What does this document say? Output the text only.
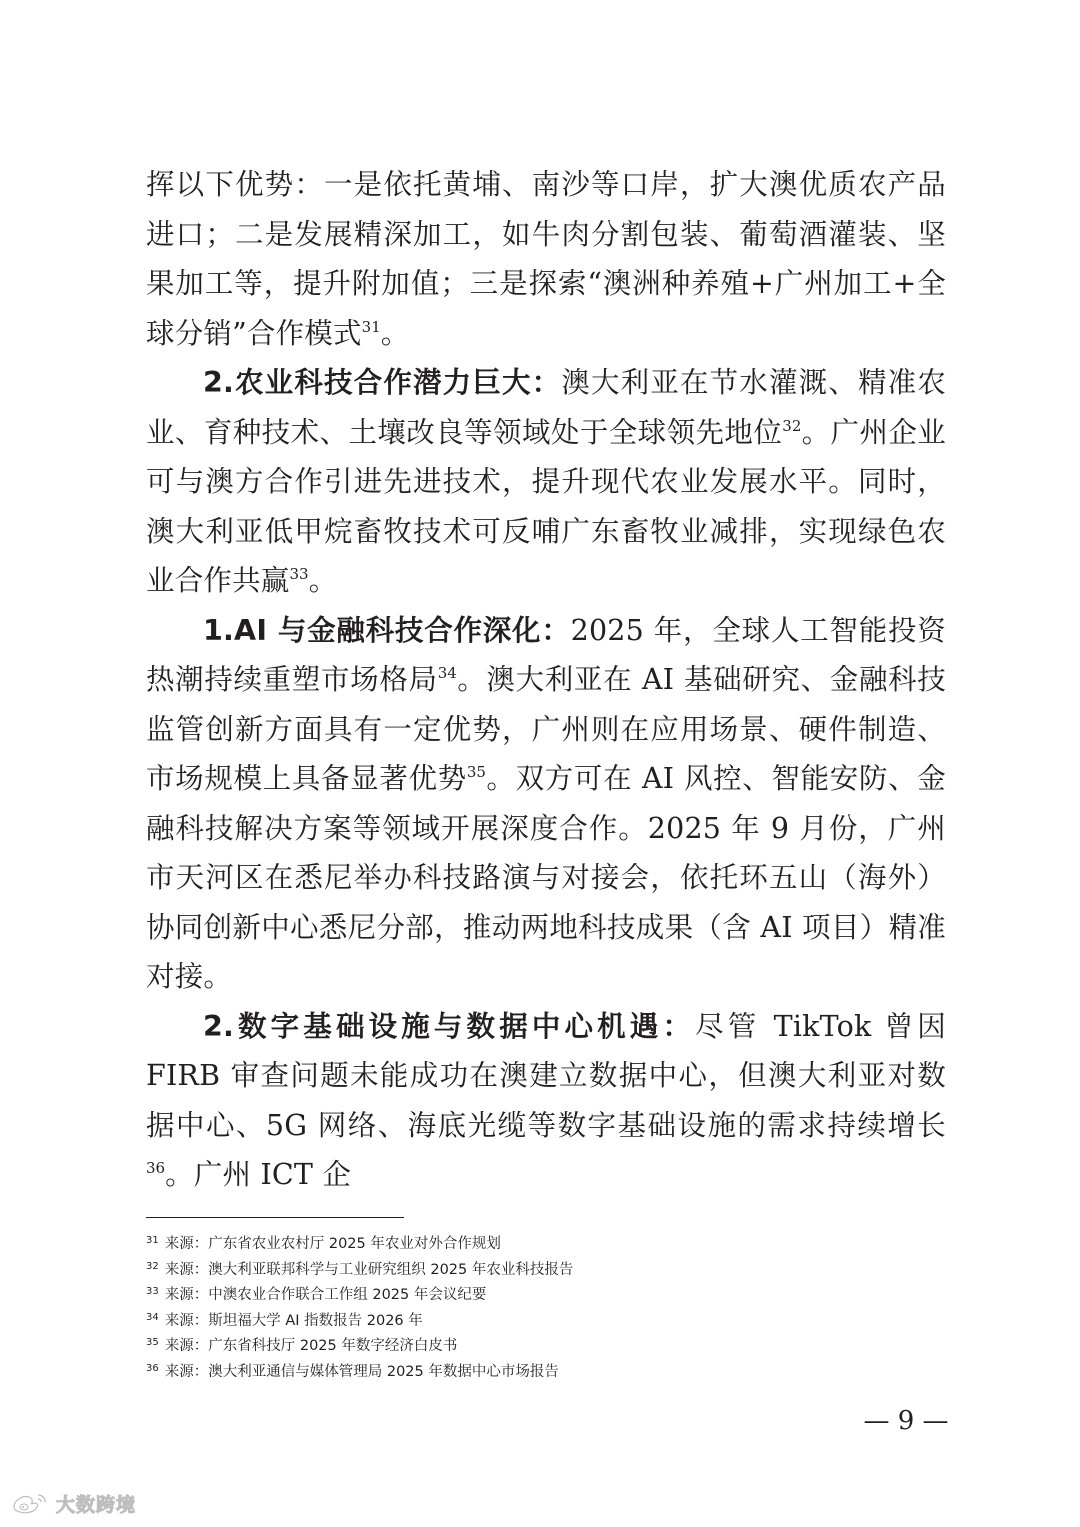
挥以下优势：一是依托黄埔、南沙等口岸，扩大澳优质农产品进口；二是发展精深加工，如牛肉分割包装、葡萄酒灌装、坚果加工等，提升附加值；三是探索“澳洲种养殖+广州加工+全球分销”合作模式$^{31}$。

2.农业科技合作潜力巨大：澳大利亚在节水灌溉、精准农业、育种技术、土壤改良等领域处于全球领先地位$^{32}$。广州企业可与澳方合作引进先进技术，提升现代农业发展水平。同时，澳大利亚低甲烷畜牧技术可反哺广东畜牧业减排，实现绿色农业合作共赢$^{33}$。

1.AI 与金融科技合作深化：2025 年，全球人工智能投资热潮持续重塑市场格局$^{34}$。澳大利亚在 AI 基础研究、金融科技监管创新方面具有一定优势，广州则在应用场景、硬件制造、市场规模上具备显著优势$^{35}$。双方可在 AI 风控、智能安防、金融科技解决方案等领域开展深度合作。2025 年 9 月份，广州市天河区在悉尼举办科技路演与对接会，依托环五山（海外）协同创新中心悉尼分部，推动两地科技成果（含 AI 项目）精准对接。

2.数字基础设施与数据中心机遇：尽管 TikTok 曾因 FIRB 审查问题未能成功在澳建立数据中心，但澳大利亚对数据中心、5G 网络、海底光缆等数字基础设施的需求持续增长$^{36}$。广州 ICT 企

$^{31}$ 来源：广东省农业农村厅 2025 年农业对外合作规划
$^{32}$ 来源：澳大利亚联邦科学与工业研究组织 2025 年农业科技报告
$^{33}$ 来源：中澳农业合作联合工作组 2025 年会议纪要
$^{34}$ 来源：斯坦福大学 AI 指数报告 2026 年
$^{35}$ 来源：广东省科技厅 2025 年数字经济白皮书
$^{36}$ 来源：澳大利亚通信与媒体管理局 2025 年数据中心市场报告
— 9 —
大数跨境
